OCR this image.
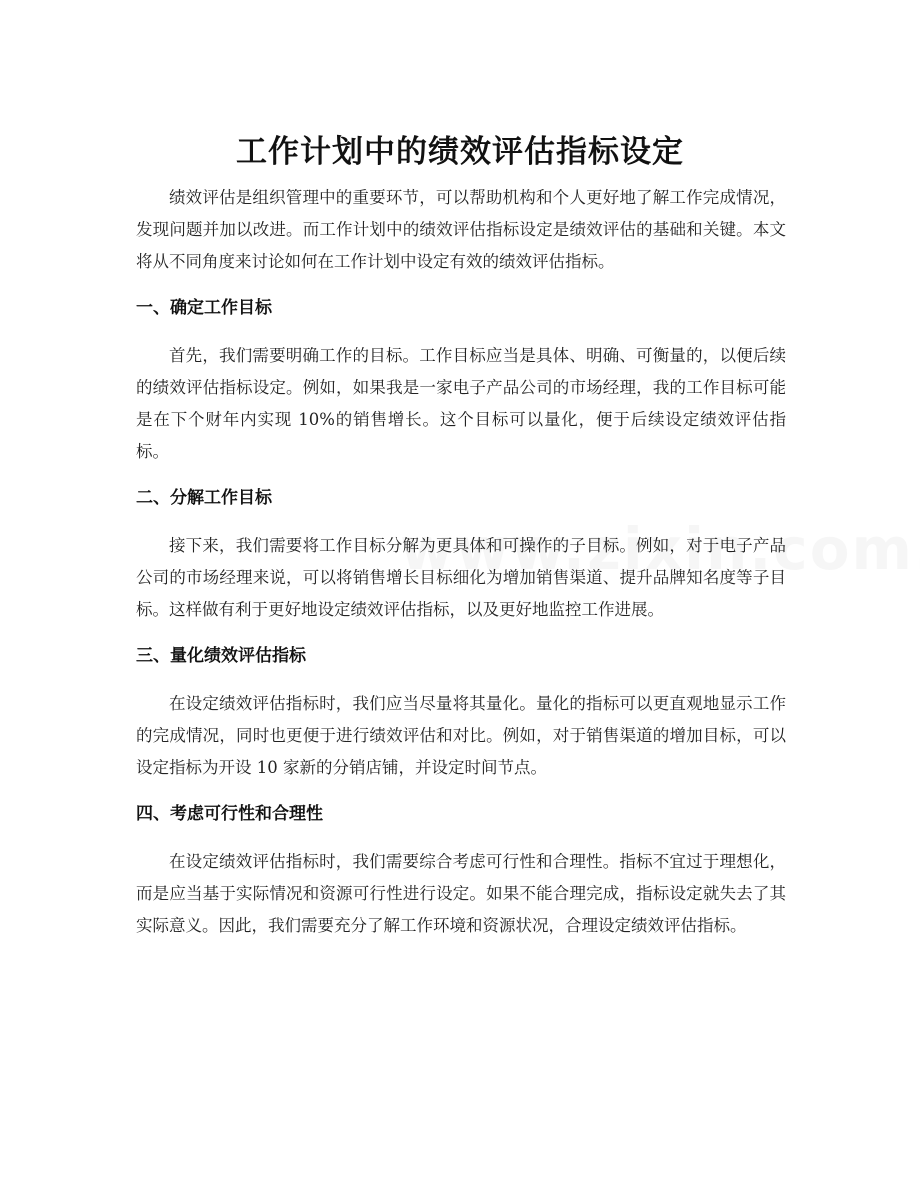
工作计划中的绩效评估指标设定

绩效评估是组织管理中的重要环节，可以帮助机构和个人更好地了解工作完成情况，发现问题并加以改进。而工作计划中的绩效评估指标设定是绩效评估的基础和关键。本文将从不同角度来讨论如何在工作计划中设定有效的绩效评估指标。

一、确定工作目标

首先，我们需要明确工作的目标。工作目标应当是具体、明确、可衡量的，以便后续的绩效评估指标设定。例如，如果我是一家电子产品公司的市场经理，我的工作目标可能是在下个财年内实现 10%的销售增长。这个目标可以量化，便于后续设定绩效评估指标。

二、分解工作目标

接下来，我们需要将工作目标分解为更具体和可操作的子目标。例如，对于电子产品公司的市场经理来说，可以将销售增长目标细化为增加销售渠道、提升品牌知名度等子目标。这样做有利于更好地设定绩效评估指标，以及更好地监控工作进展。

三、量化绩效评估指标

在设定绩效评估指标时，我们应当尽量将其量化。量化的指标可以更直观地显示工作的完成情况，同时也更便于进行绩效评估和对比。例如，对于销售渠道的增加目标，可以设定指标为开设 10 家新的分销店铺，并设定时间节点。

四、考虑可行性和合理性

在设定绩效评估指标时，我们需要综合考虑可行性和合理性。指标不宜过于理想化，而是应当基于实际情况和资源可行性进行设定。如果不能合理完成，指标设定就失去了其实际意义。因此，我们需要充分了解工作环境和资源状况，合理设定绩效评估指标。
